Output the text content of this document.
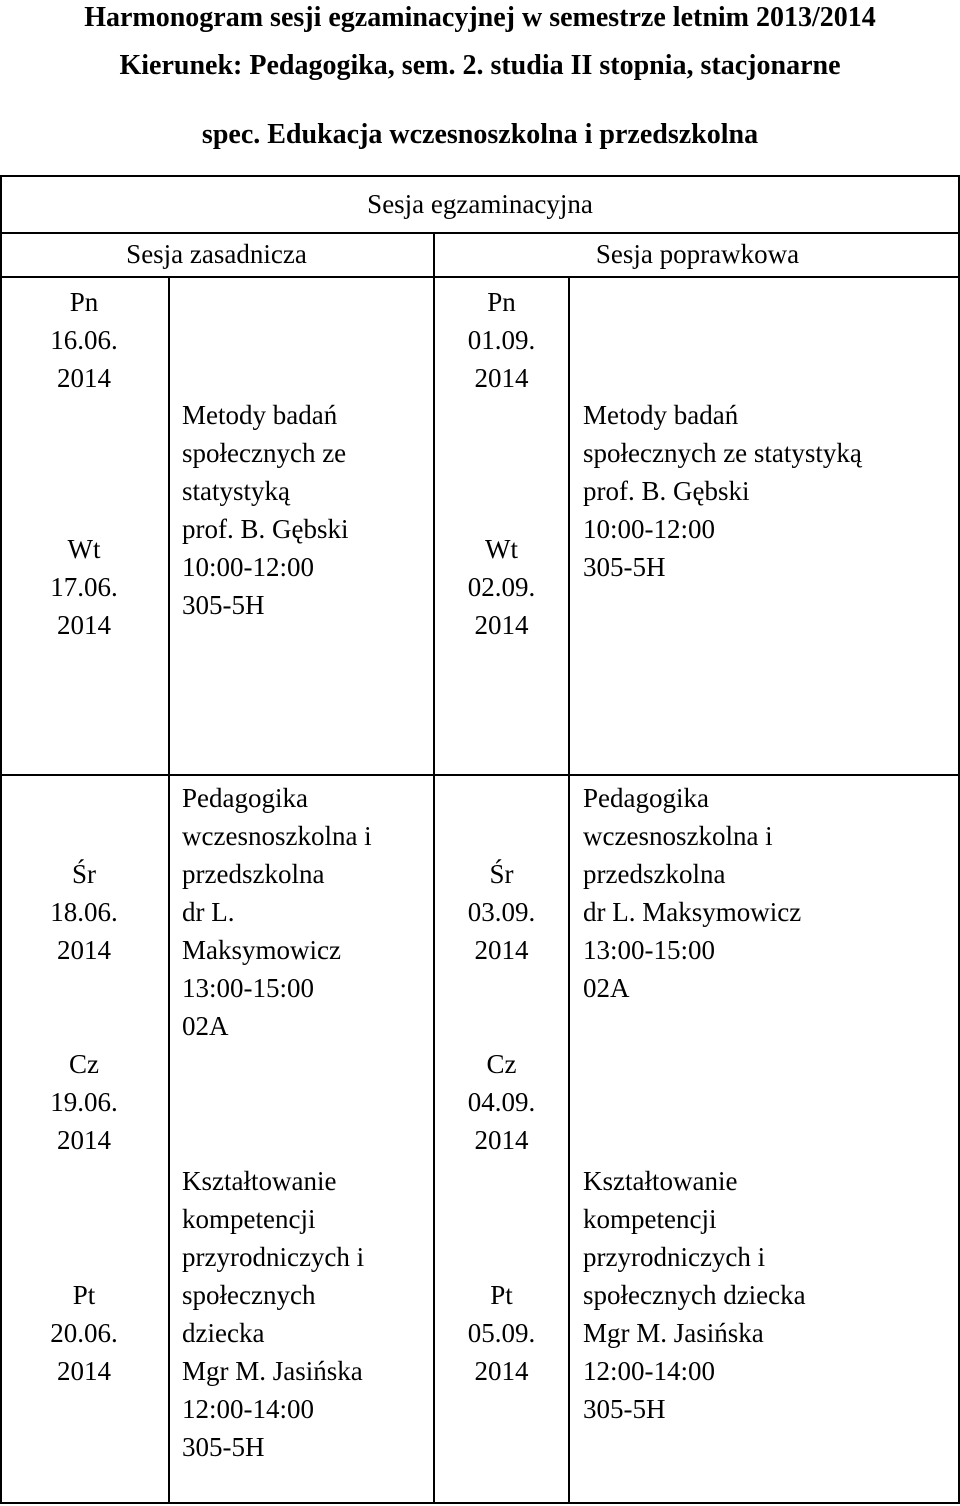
Harmonogram sesji egzaminacyjnej w semestrze letnim 2013/2014
Kierunek: Pedagogika, sem. 2. studia II stopnia, stacjonarne
spec. Edukacja wczesnoszkolna i przedszkolna
Sesja egzaminacyjna
Sesja zasadnicza	Sesja poprawkowa
Pn
16.06.
2014
Wt
17.06.
2014
Śr
18.06.
2014
Cz
19.06.
2014
Pt
20.06.
2014
Pn
01.09.
2014
Wt
02.09.
2014
Śr
03.09.
2014
Cz
04.09.
2014
Pt
05.09.
2014
Metody badań
społecznych ze
statystyką
prof. B. Gębski
10:00-12:00
305-5H
Pedagogika
wczesnoszkolna i
przedszkolna
dr L.
Maksymowicz
13:00-15:00
02A
Kształtowanie
kompetencji
przyrodniczych i
społecznych
dziecka
Mgr M. Jasińska
12:00-14:00
305-5H
Metody badań
społecznych ze statystyką
prof. B. Gębski
10:00-12:00
305-5H
Pedagogika
wczesnoszkolna i
przedszkolna
dr L. Maksymowicz
13:00-15:00
02A
Kształtowanie
kompetencji
przyrodniczych i
społecznych dziecka
Mgr M. Jasińska
12:00-14:00
305-5H
